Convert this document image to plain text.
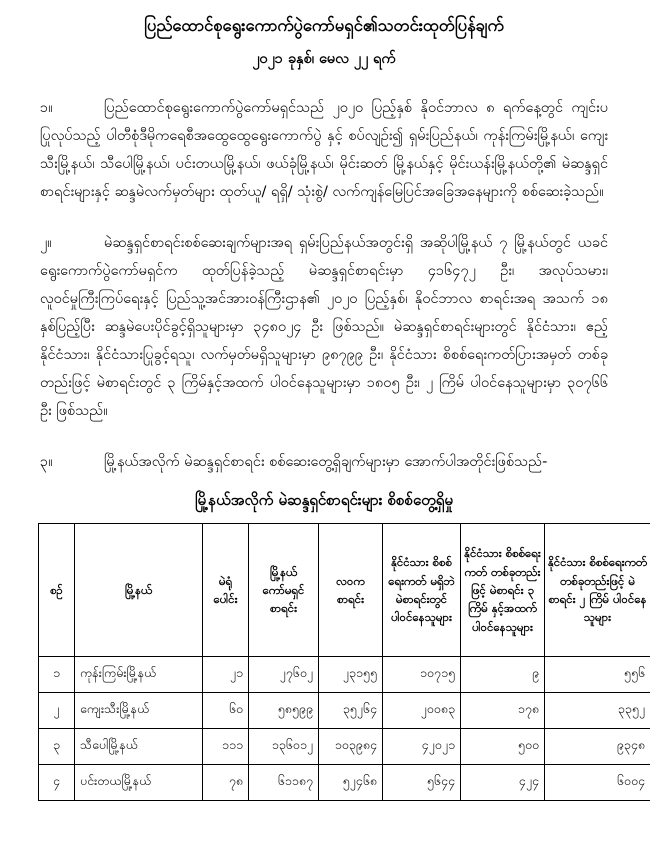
ပြည်ထောင်စုရွေးကောက်ပွဲကော်မရှင်၏သတင်းထုတ်ပြန်ချက်
၂၀၂၁ ခုနှစ်၊ မေလ ၂၂ ရက်

၁။	ပြည်ထောင်စုရွေးကောက်ပွဲကော်မရှင်သည် ၂၀၂၀ ပြည့်နှစ် နိုဝင်ဘာလ ၈ ရက်နေ့တွင် ကျင်းပပြုလုပ်သည့် ပါတီစုံဒီမိုကရေစီအထွေထွေရွေးကောက်ပွဲ နှင့် စပ်လျဉ်း၍ ရှမ်းပြည်နယ်၊ ကုန်းကြမ်းမြို့နယ်၊ ကျေးသီးမြို့နယ်၊ သီပေါမြို့နယ်၊ ပင်းတယမြို့နယ်၊ ဖယ်ခုံမြို့နယ်၊ မိုင်းဆတ် မြို့နယ်နှင့် မိုင်းယန်းမြို့နယ်တို့၏ မဲဆန္ဒရှင်စာရင်းများနှင့် ဆန္ဒမဲလက်မှတ်များ ထုတ်ယူ/ ရရှိ/ သုံးစွဲ/ လက်ကျန်မြေပြင်အခြေအနေများကို စစ်ဆေးခဲ့သည်။

၂။	မဲဆန္ဒရှင်စာရင်းစစ်ဆေးချက်များအရ ရှမ်းပြည်နယ်အတွင်းရှိ အဆိုပါမြို့နယ် ၇ မြို့နယ်တွင် ယခင် ရွေးကောက်ပွဲကော်မရှင်က ထုတ်ပြန်ခဲ့သည့် မဲဆန္ဒရှင်စာရင်းမှာ ၄၁၆၄၇၂ ဦး၊ အလုပ်သမား၊ လူဝင်မှုကြီးကြပ်ရေးနှင့် ပြည်သူ့အင်အားဝန်ကြီးဌာန၏ ၂၀၂၀ ပြည့်နှစ်၊ နိုဝင်ဘာလ စာရင်းအရ အသက် ၁၈ နှစ်ပြည့်ပြီး ဆန္ဒမဲပေးပိုင်ခွင့်ရှိသူများမှာ ၃၄၈၀၂၄ ဦး ဖြစ်သည်။ မဲဆန္ဒရှင်စာရင်းများတွင် နိုင်ငံသား၊ ဧည့်နိုင်ငံသား၊ နိုင်ငံသားပြုခွင့်ရသူ၊ လက်မှတ်မရှိသူများမှာ ၉၈၇၉၉ ဦး၊ နိုင်ငံသား စိစစ်ရေးကတ်ပြားအမှတ် တစ်ခုတည်းဖြင့် မဲစာရင်းတွင် ၃ ကြိမ်နှင့်အထက် ပါဝင်နေသူများမှာ ၁၈၀၅ ဦး၊ ၂ ကြိမ် ပါဝင်နေသူများမှာ ၃၀၇၆၆ ဦး ဖြစ်သည်။

၃။	မြို့နယ်အလိုက် မဲဆန္ဒရှင်စာရင်း စစ်ဆေးတွေ့ရှိချက်များမှာ အောက်ပါအတိုင်းဖြစ်သည်-

မြို့နယ်အလိုက် မဲဆန္ဒရှင်စာရင်းများ စိစစ်တွေ့ရှိမှု
စဉ်	မြို့နယ်	မဲရုံ ပေါင်း	မြို့နယ် ကော်မရှင် စာရင်း	လဝက စာရင်း	နိုင်ငံသား စိစစ်ရေးကတ် မရှိဘဲ မဲစာရင်းတွင် ပါဝင်နေသူများ	နိုင်ငံသား စိစစ်ရေးကတ် တစ်ခုတည်းဖြင့် မဲစာရင်း ၃ ကြိမ် နှင့်အထက် ပါဝင်နေသူများ	နိုင်ငံသား စိစစ်ရေးကတ် တစ်ခုတည်းဖြင့် မဲစာရင်း ၂ ကြိမ် ပါဝင်နေသူများ
၁	ကုန်းကြမ်းမြို့နယ်	၂၁	၂၇၆၀၂	၂၃၁၅၅	၁၀၇၁၅	၉	၅၅၆
၂	ကျေးသီးမြို့နယ်	၆၀	၅၈၅၉၉	၃၅၂၆၄	၂၀၀၈၃	၁၇၈	၃၃၅၂
၃	သီပေါမြို့နယ်	၁၁၁	၁၃၆၀၁၂	၁၀၃၉၈၄	၄၂၀၂၁	၅၀၀	၉၃၄၈
၄	ပင်းတယမြို့နယ်	၇၈	၆၁၁၈၇	၅၂၄၆၈	၅၆၄၄	၄၂၄	၆၀၀၄
